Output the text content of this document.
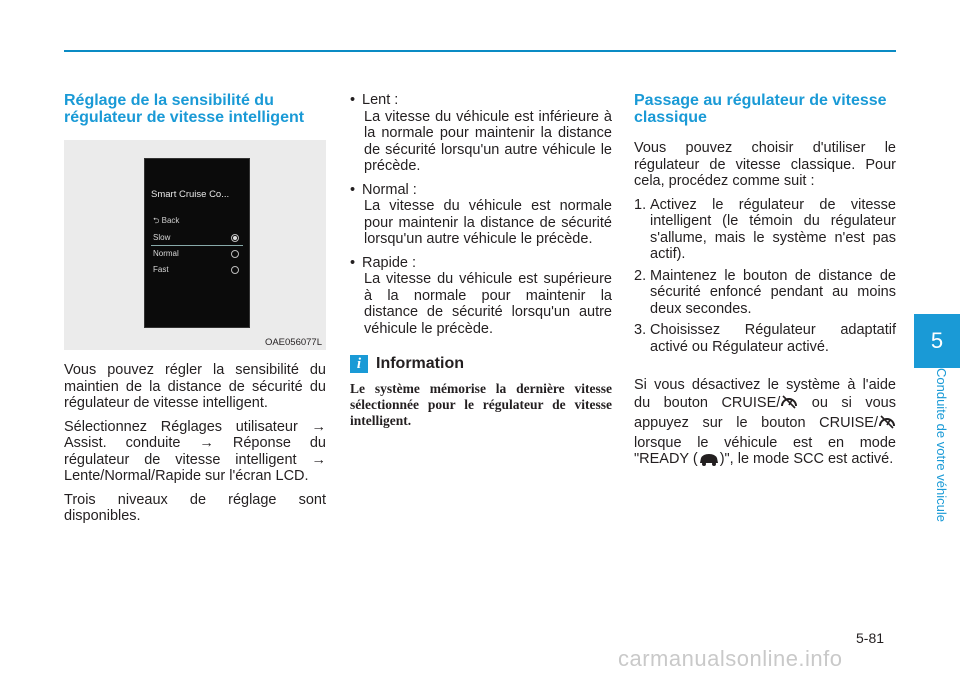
Réglage de la sensibilité du régulateur de vitesse intelligent
Smart Cruise Co...
⮌ Back
Slow
Normal
Fast
OAE056077L

Vous pouvez régler la sensibilité du maintien de la distance de sécurité du régulateur de vitesse intelligent.

Sélectionnez Réglages utilisateur → Assist. conduite → Réponse du régulateur de vitesse intelligent → Lente/Normal/Rapide sur l'écran LCD.

Trois niveaux de réglage sont disponibles.

• Lent :

La vitesse du véhicule est inférieure à la normale pour maintenir la distance de sécurité lorsqu'un autre véhicule le précède.

• Normal :

La vitesse du véhicule est normale pour maintenir la distance de sécurité lorsqu'un autre véhicule le précède.

• Rapide :

La vitesse du véhicule est supérieure à la normale pour maintenir la distance de sécurité lorsqu'un autre véhicule le précède.

i Information

Le système mémorise la dernière vitesse sélectionnée pour le régulateur de vitesse intelligent.

Passage au régulateur de vitesse classique

Vous pouvez choisir d'utiliser le régulateur de vitesse classique. Pour cela, procédez comme suit :

1. Activez le régulateur de vitesse intelligent (le témoin du régulateur s'allume, mais le système n'est pas actif).
2. Maintenez le bouton de distance de sécurité enfoncé pendant au moins deux secondes.
3. Choisissez Régulateur adaptatif activé ou Régulateur activé.

Si vous désactivez le système à l'aide du bouton CRUISE/ ou si vous appuyez sur le bouton CRUISE/ lorsque le véhicule est en mode "READY ( )", le mode SCC est activé.

5
Conduite de votre véhicule
5-81
carmanualsonline.info
